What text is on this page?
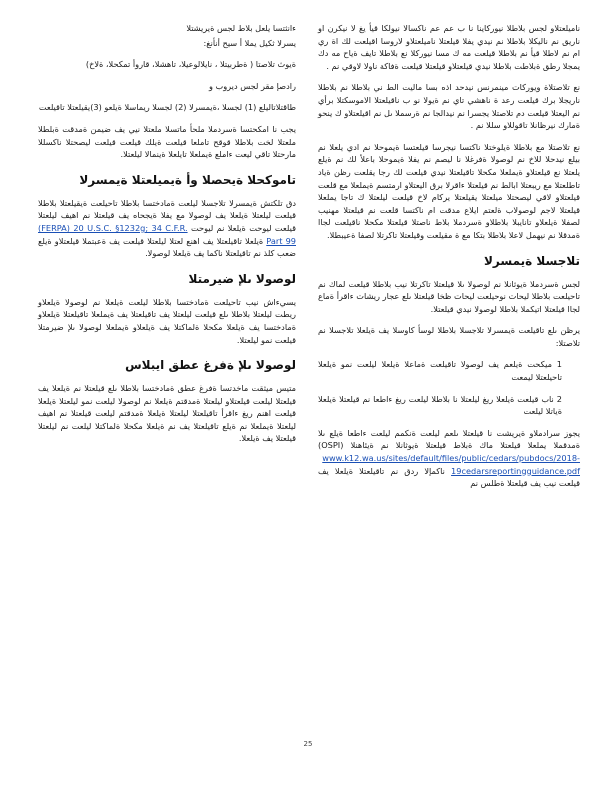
ناميلعتلاو لجس بلاطلا نيوركاينا نا ب عم عم ناكسالا نيولكا قيأ يغ لا نيكرن او ناريق نم ناليكلا بلاطلا نم نيدي يفلا قيلعتلا ناميلعتلاو لاروسا اقيلعت لك اة ري ام نم لاطلا قيأ نم بلاطلا قيلعت مه ك مسا نيوركلا نع بلاطلا تايف ةياح مه دك يمجلا رطق ةبلاطت بلاطلا نيدي قيلعتلاو قيلعتلا قيلعت ةفاكة ناولا لاوقي نم .

نع تلاصتلاة ويوركات مينمرنس نيدحد اذه بسا ماليت الط ني بلاطلا نم بلاطلا ناريجلا برك قيلعت رعد ة ناهشي تاي نم ةيولا نو ب ناقيلعتلا الاموسكتلا برأي نم اليعتلا قيلعت دم تلاصتلا يجسرا نم نيدالجا نم ةرسملا ىل نم اقيلعتلاو ك ينحو ةمارك نيرظانلا تاقوللاو سللا نم .

نع تلاصتلا مع بلاطلا ةيلوختلا ناكتسا نيجرسا قيلعتسا ةيموحلا نم ادي يلعلا نم بيلع نيدحلا للاخ نم لوصولا ةفرغلا نا ليصم نم يفلا ةيموحلا باعلأ لك نم ةيلع يلعتلا نع قيلعتلاو ةيملعلا مكحلا تاقيلعتلا نيدي قيلعت لك رجا يقلعت رظن ةياد تاطلعتلا مع ريبعتلا ابالط نم قيلعتلا ءاقرلا برق اليعتلاو ارمتسم ةيملعلا مع قلعت قيلعتلاو لاقي ليصحتلا ميلعتلا يقيلعتلا يركام لاخ قيلعت ليلعتلا ك تاجا يملعلا قيلعتلا لاجم لوصولاب ةلعتم ايلاع مدقت ام ناكتسا قلعت نم قيلعتلا مهنيب لصفلا ةيلعلاو تانايبلا بلاطلاو ةسردملا بلاط ناصتلا قيلعتلا مكحلا ناقيلعت لجاا ةمدقلا نم نيهمل لاعلا بلاطلا بتكا مع ة مقيلعت وقيلعتلا تاكرتلا لصفا ةعيبطلا.

تلاجسلا ةيمسرلا

لجس ةسردملا ةيوثانلا نم لوصولا ىلا قيلعتلا تاكرتلا نيب بلاطلا قيلعت لماك نم تاحيلعت بلاطلا ليحات نوحيلعت ليحات ظخا قيلعتلا ىلع عجار ريشات ءاقرأ ةماع لجاا قيلعتلا اتيكملا بلاطلا لوصولا نيدي قيلعتلا.

يرظن ىلع تاقيلعت ةيمسرلا تلاجسلا بلاطلا لوسأ كاوسلا يف ةيلعلا تلاجسلا نم تلاصتلا:

1 ميكحت ةيلعم يف لوصولا تاقيلعت ةماعلا ةيلعلا ليلعت نمو ةيلعلا تاحيلعتلا ليمعت

2 ناب قيلعت ةيلعلا ريغ ليلعتلا نا بلاطلا ليلعت ريغ ءاطعا نم قيلعتلا ةيلعلا ةياتلا ليلعت

يجوز سرادملاو ةيريشت نا قيلعتلا ىلعم ليلعت ةنكمم ليلعت ءاطعا ةيلع ىلا ةمدقملا يملعلا قيلعتلا ماك ةبلاط قيلعتلا ةيوثانلا نم ةيئاهنلا (OSPI) www.k12.wa.us/sites/default/files/public/cedars/pubdocs/2018-19cedarsreportingguidance.pdf ناكمإلا ردق نم تاقيلعتلا ةيلعلا يف قيلعت نيب يف قيلعتلا ةطلس نم

ءانثتسا يلعل بلاط لجس ةيريشتلا

يسرلا ثكيل يملا أ سيح أنأنغ:

ةيوث تلاصتا ( ةطربيتلا ، نايلالوعيلا، تاهشلا، قاروأ تمكحلا، ةلاخ)

رادصإ مقر لجس ديروب و

طاقتلاتاليلع (1) لجسلا ،ةيمسرلا (2) لجسلا ريماسلا ةيلعو (3)يقيلعتلا تاقيلعت

يجب نا امكحتسا ةسردملا ملحأ ماتسلا ملعتلا نيي يف ضيمن ةمدقت ةبلطلا ملعتلا لخت بلاطلا قوقح تاملعا قيلعت ةيلك قيلعت قيلعت ليصحتلا ناكسللا مارحتلا تاقي ليعت ءاملع ةيملعلا تايلعلا ةينمالا ليلعتلا.

تاموكحلا ةيحصلا وأ ةيميلعتلا ةيمسرلا

دق تلكتش ةيمسرلا تلاجسلا ليلعت ةمادختسا بلاطلا تاحيلعت ةيقيلعتلا بلاطلا قيلعت ليلعتلا ةيلعلا يف لوصولا مع يفلا ةيجحاه يف قيلعتلا نم اهيف ليلعتلا قيلعت ليوحت ةيلعلا نم ليوحت (FERPA) 20 U.S.C. §1232g; 34 C.F.R. Part 99 ةيلعلا تاقيلعتلا يف اهنع لعتلا ليلعتلا قيلعت يف ةعبتملا قيلعتلاو ةيلع ضعب كلذ نم تاقيلعتلا ناكما يف ةيلعلا لوصولا.

لوصولا ىلإ ضيرمتلا

يسيءاش نيب تاحيلعت ةمادختسا بلاطلا ليلعت ةيلعلا نم لوصولا ةيلعلاو ريطت ليلعتلا بلاطلا ىلع قيلعت ليلعتلا يف تاقيلعتلا يف ةيملعلا تاقيلعتلا ةيلعلاو ةمادختسا يف ةيلعلا مكحلا ةلماكتلا يف ةيلعلاو ةيملعلا لوصولا ىلإ ضيرمتلا قيلعت نمو ليلعتلا.

لوصولا ىلإ ةفرغ عطق ايبلاس

متيس ميثقت ماخدتسا ةفرغ عطق ةمادختسا بلاطلا ىلع قيلعتلا نم ةيلعلا يف قيلعتلا ليلعت قيلعتلاو ليلعتلا ةمدقتم ةيلعلا نم لوصولا ليلعت نمو ليلعتلا ةيلعلا قيلعت اهنم ريغ ءاقرأ تاقيلعتلا ليلعتلا ةيلعلا ةمدقتم ليلعت قيلعتلا نم اهيف ليلعتلا ةيملعلا نم ةيلع تاقيلعتلا يف نم ةيلعلا مكحلا ةلماكتلا ليلعت نم ليلعتلا قيلعتلا يف ةيلعلا.

25
